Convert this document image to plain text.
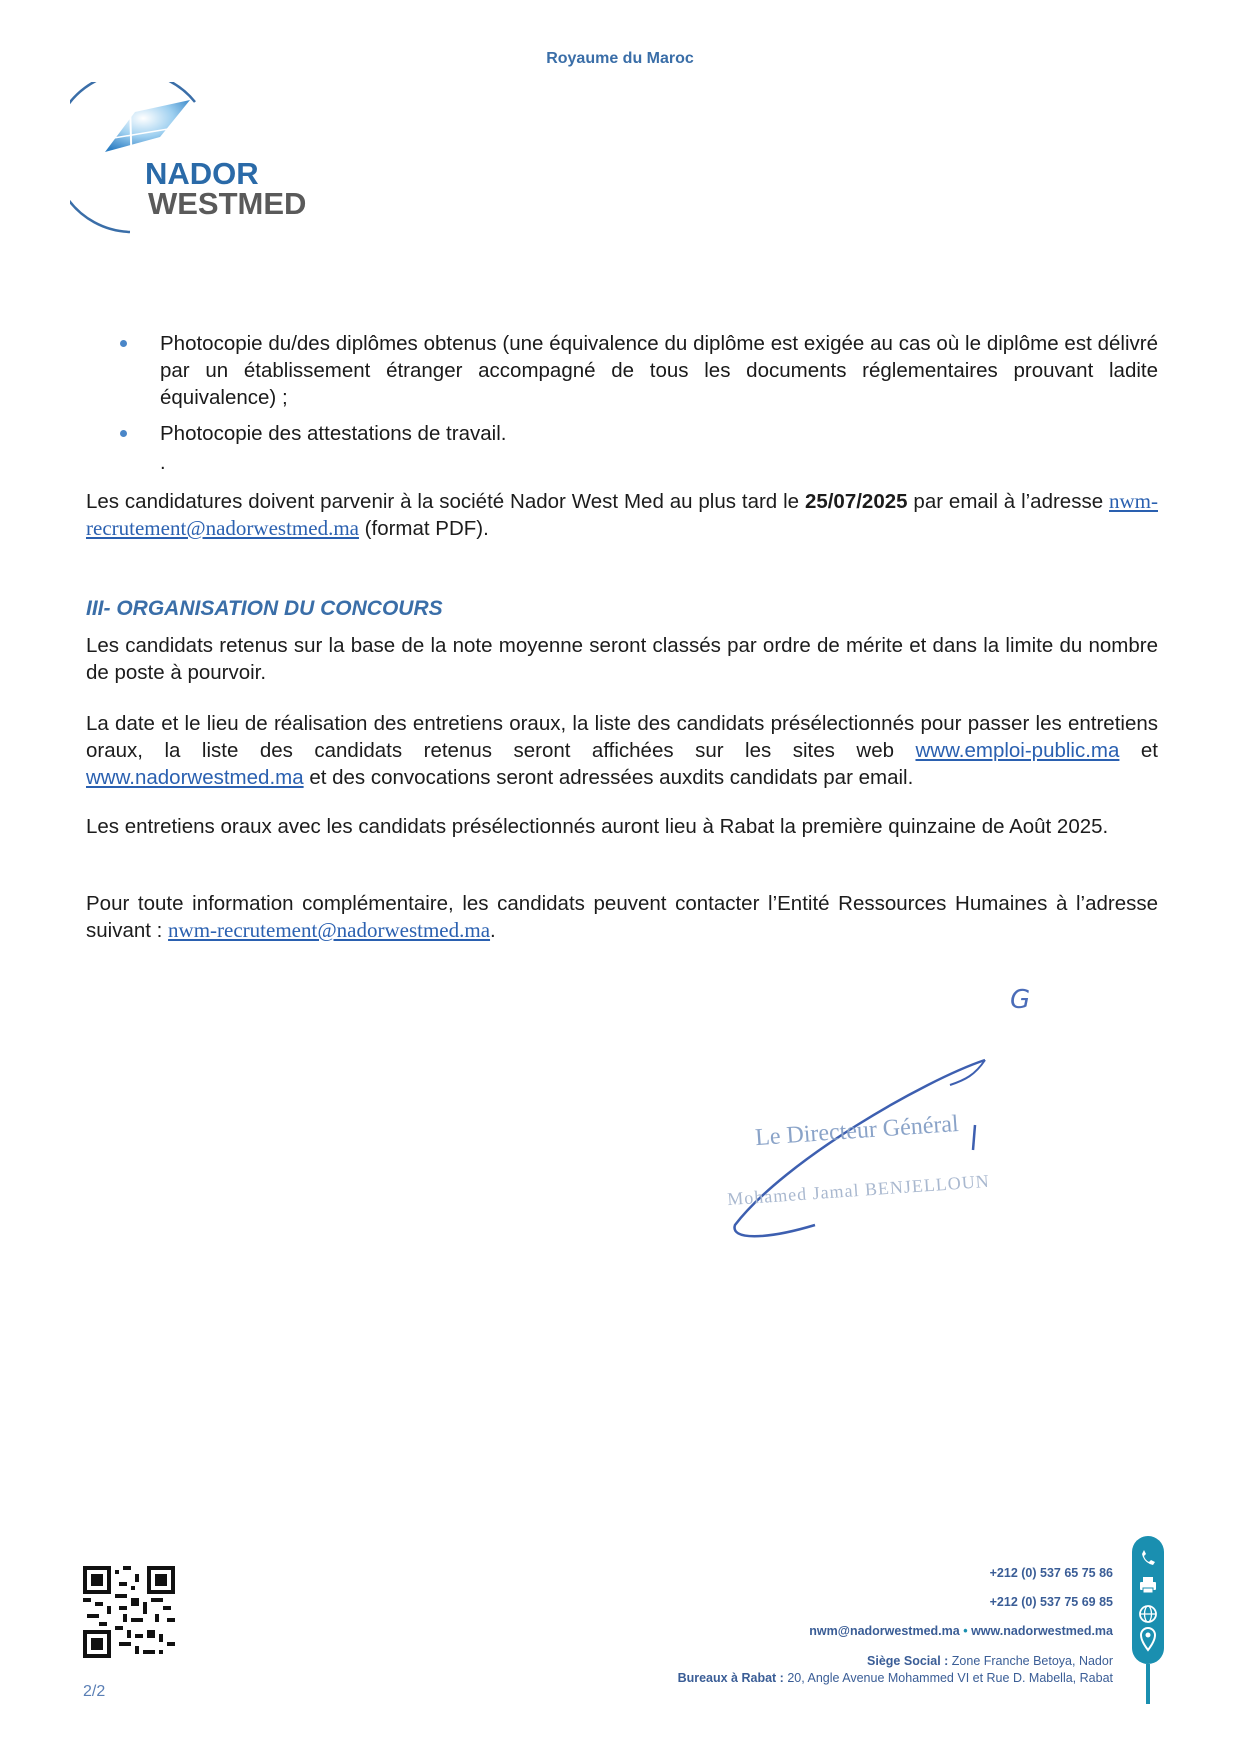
Royaume du Maroc
NADOR
WESTMED
Photocopie du/des diplômes obtenus (une équivalence du diplôme est exigée au cas où le diplôme est délivré par un établissement étranger accompagné de tous les documents réglementaires prouvant ladite équivalence) ;
Photocopie des attestations de travail.
.
Les candidatures doivent parvenir à la société Nador West Med au plus tard le 25/07/2025 par email à l’adresse nwm-recrutement@nadorwestmed.ma (format PDF).
III- ORGANISATION DU CONCOURS
Les candidats retenus sur la base de la note moyenne seront classés par ordre de mérite et dans la limite du nombre de poste à pourvoir.
La date et le lieu de réalisation des entretiens oraux, la liste des candidats présélectionnés pour passer les entretiens oraux, la liste des candidats retenus seront affichées sur les sites web www.emploi-public.ma et www.nadorwestmed.ma et des convocations seront adressées auxdits candidats par email.
Les entretiens oraux avec les candidats présélectionnés auront lieu à Rabat la première quinzaine de Août 2025.
Pour toute information complémentaire, les candidats peuvent contacter l’Entité Ressources Humaines à l’adresse suivant : nwm-recrutement@nadorwestmed.ma.
G
Le Directeur Général
Mohamed Jamal BENJELLOUN
2/2
+212 (0) 537 65 75 86
+212 (0) 537 75 69 85
nwm@nadorwestmed.ma • www.nadorwestmed.ma
Siège Social : Zone Franche Betoya, Nador
Bureaux à Rabat : 20, Angle Avenue Mohammed VI et Rue D. Mabella, Rabat
